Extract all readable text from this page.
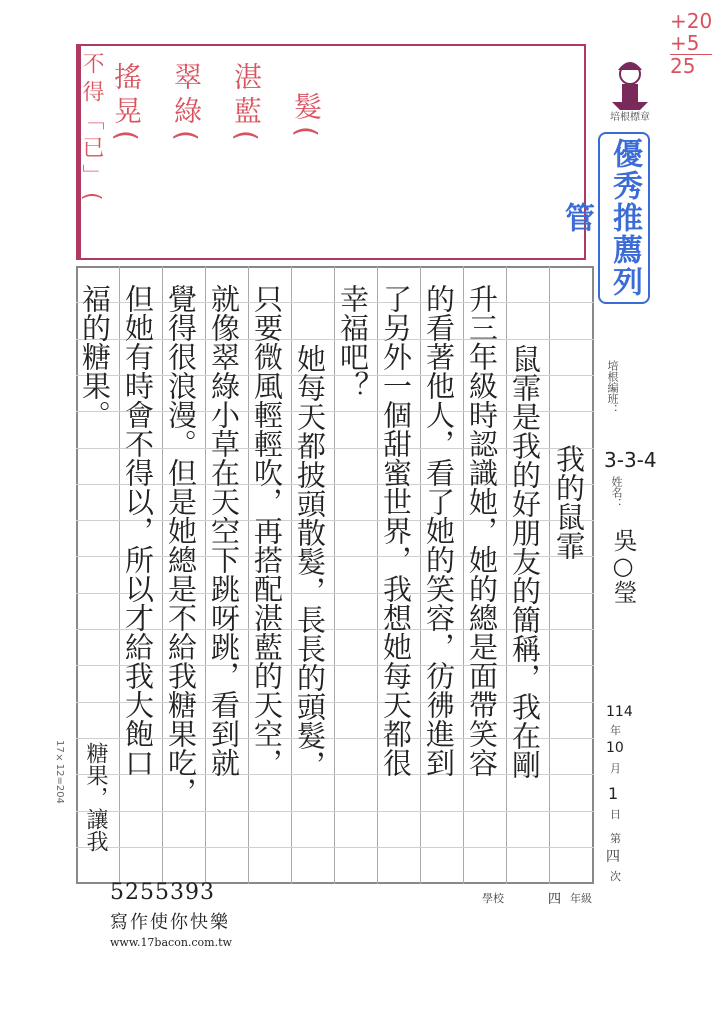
+20
+5
25
髮(
湛藍(
翠綠(
搖晃(
不得「已」(	培根標章
優秀推薦列管
我的鼠霏
鼠霏是我的好朋友的簡稱，我在剛
升三年級時認識她，她的總是面帶笑容
的看著他人，看了她的笑容，彷彿進到
了另外一個甜蜜世界，我想她每天都很
幸福吧？
她每天都披頭散髮，長長的頭髮，
只要微風輕輕吹，再搭配湛藍的天空，
就像翠綠小草在天空下跳呀跳，看到就
覺得很浪漫。但是她總是不給我糖果吃，
但她有時會不得以，所以才給我大飽口
福的糖果。
糖果，讓我
培根編班：
3-3-4
姓名：
吳○瑩
114
年
10
月
1
日
第
四
次
學校	四 年級
17×12=204
5255393
寫作使你快樂
www.17bacon.com.tw
